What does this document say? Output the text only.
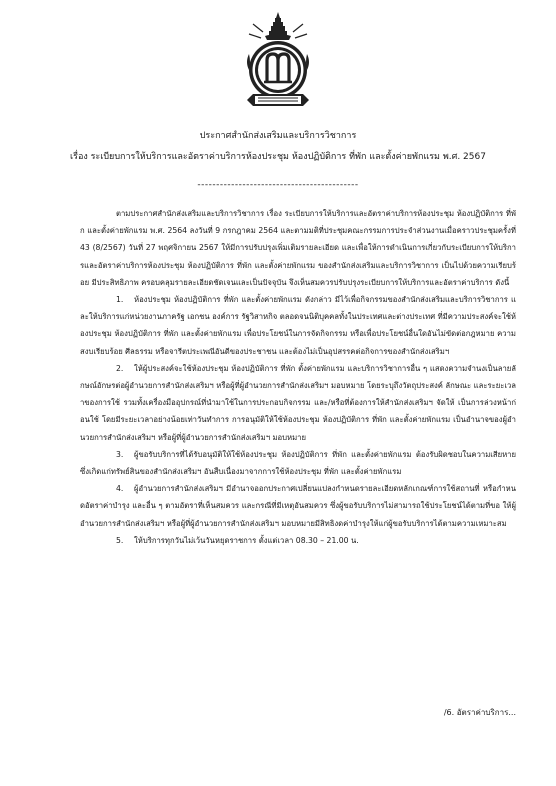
ประกาศสำนักส่งเสริมและบริการวิชาการ
เรื่อง ระเบียบการให้บริการและอัตราค่าบริการห้องประชุม ห้องปฏิบัติการ ที่พัก และตั้งค่ายพักแรม พ.ศ. 2567
-------------------------------------------

ตามประกาศสำนักส่งเสริมและบริการวิชาการ เรื่อง ระเบียบการให้บริการและอัตราค่าบริการห้องประชุม ห้องปฏิบัติการ ที่พัก และตั้งค่ายพักแรม พ.ศ. 2564 ลงวันที่ 9 กรกฎาคม 2564 และตามมติที่ประชุมคณะกรรมการประจำส่วนงานเมื่อคราวประชุมครั้งที่ 43 (8/2567) วันที่ 27 พฤศจิกายน 2567 ให้มีการปรับปรุงเพิ่มเติมรายละเอียด และเพื่อให้การดำเนินการเกี่ยวกับระเบียบการให้บริการและอัตราค่าบริการห้องประชุม ห้องปฏิบัติการ ที่พัก และตั้งค่ายพักแรม ของสำนักส่งเสริมและบริการวิชาการ เป็นไปด้วยความเรียบร้อย มีประสิทธิภาพ ครอบคลุมรายละเอียดชัดเจนและเป็นปัจจุบัน จึงเห็นสมควรปรับปรุงระเบียบการให้บริการและอัตราค่าบริการ ดังนี้

1. ห้องประชุม ห้องปฏิบัติการ ที่พัก และตั้งค่ายพักแรม ดังกล่าว มีไว้เพื่อกิจกรรมของสำนักส่งเสริมและบริการวิชาการ และให้บริการแก่หน่วยงานภาครัฐ เอกชน องค์การ รัฐวิสาหกิจ ตลอดจนนิติบุคคลทั้งในประเทศและต่างประเทศ ที่มีความประสงค์จะใช้ห้องประชุม ห้องปฏิบัติการ ที่พัก และตั้งค่ายพักแรม เพื่อประโยชน์ในการจัดกิจกรรม หรือเพื่อประโยชน์อื่นใดอันไม่ขัดต่อกฎหมาย ความสงบเรียบร้อย ศีลธรรม หรือจารีตประเพณีอันดีของประชาชน และต้องไม่เป็นอุปสรรคต่อกิจการของสำนักส่งเสริมฯ

2. ให้ผู้ประสงค์จะใช้ห้องประชุม ห้องปฏิบัติการ ที่พัก ตั้งค่ายพักแรม และบริการวิชาการอื่น ๆ แสดงความจำนงเป็นลายลักษณ์อักษรต่อผู้อำนวยการสำนักส่งเสริมฯ หรือผู้ที่ผู้อำนวยการสำนักส่งเสริมฯ มอบหมาย โดยระบุถึงวัตถุประสงค์ ลักษณะ และระยะเวลาของการใช้ รวมทั้งเครื่องมืออุปกรณ์ที่นำมาใช้ในการประกอบกิจกรรม และ/หรือที่ต้องการให้สำนักส่งเสริมฯ จัดให้ เป็นการล่วงหน้าก่อนใช้ โดยมีระยะเวลาอย่างน้อยเท่าวันทำการ การอนุมัติให้ใช้ห้องประชุม ห้องปฏิบัติการ ที่พัก และตั้งค่ายพักแรม เป็นอำนาจของผู้อำนวยการสำนักส่งเสริมฯ หรือผู้ที่ผู้อำนวยการสำนักส่งเสริมฯ มอบหมาย

3. ผู้ขอรับบริการที่ได้รับอนุมัติให้ใช้ห้องประชุม ห้องปฏิบัติการ ที่พัก และตั้งค่ายพักแรม ต้องรับผิดชอบในความเสียหาย ซึ่งเกิดแก่ทรัพย์สินของสำนักส่งเสริมฯ อันสืบเนื่องมาจากการใช้ห้องประชุม ที่พัก และตั้งค่ายพักแรม

4. ผู้อำนวยการสำนักส่งเสริมฯ มีอำนาจออกประกาศเปลี่ยนแปลงกำหนดรายละเอียดหลักเกณฑ์การใช้สถานที่ หรือกำหนดอัตราค่าบำรุง และอื่น ๆ ตามอัตราที่เห็นสมควร และกรณีที่มีเหตุอันสมควร ซึ่งผู้ขอรับบริการไม่สามารถใช้ประโยชน์ได้ตามที่ขอ ให้ผู้อำนวยการสำนักส่งเสริมฯ หรือผู้ที่ผู้อำนวยการสำนักส่งเสริมฯ มอบหมายมีสิทธิงดค่าบำรุงให้แก่ผู้ขอรับบริการได้ตามความเหมาะสม

5. ให้บริการทุกวันไม่เว้นวันหยุดราชการ ตั้งแต่เวลา 08.30 – 21.00 น.

/6. อัตราค่าบริการ...
